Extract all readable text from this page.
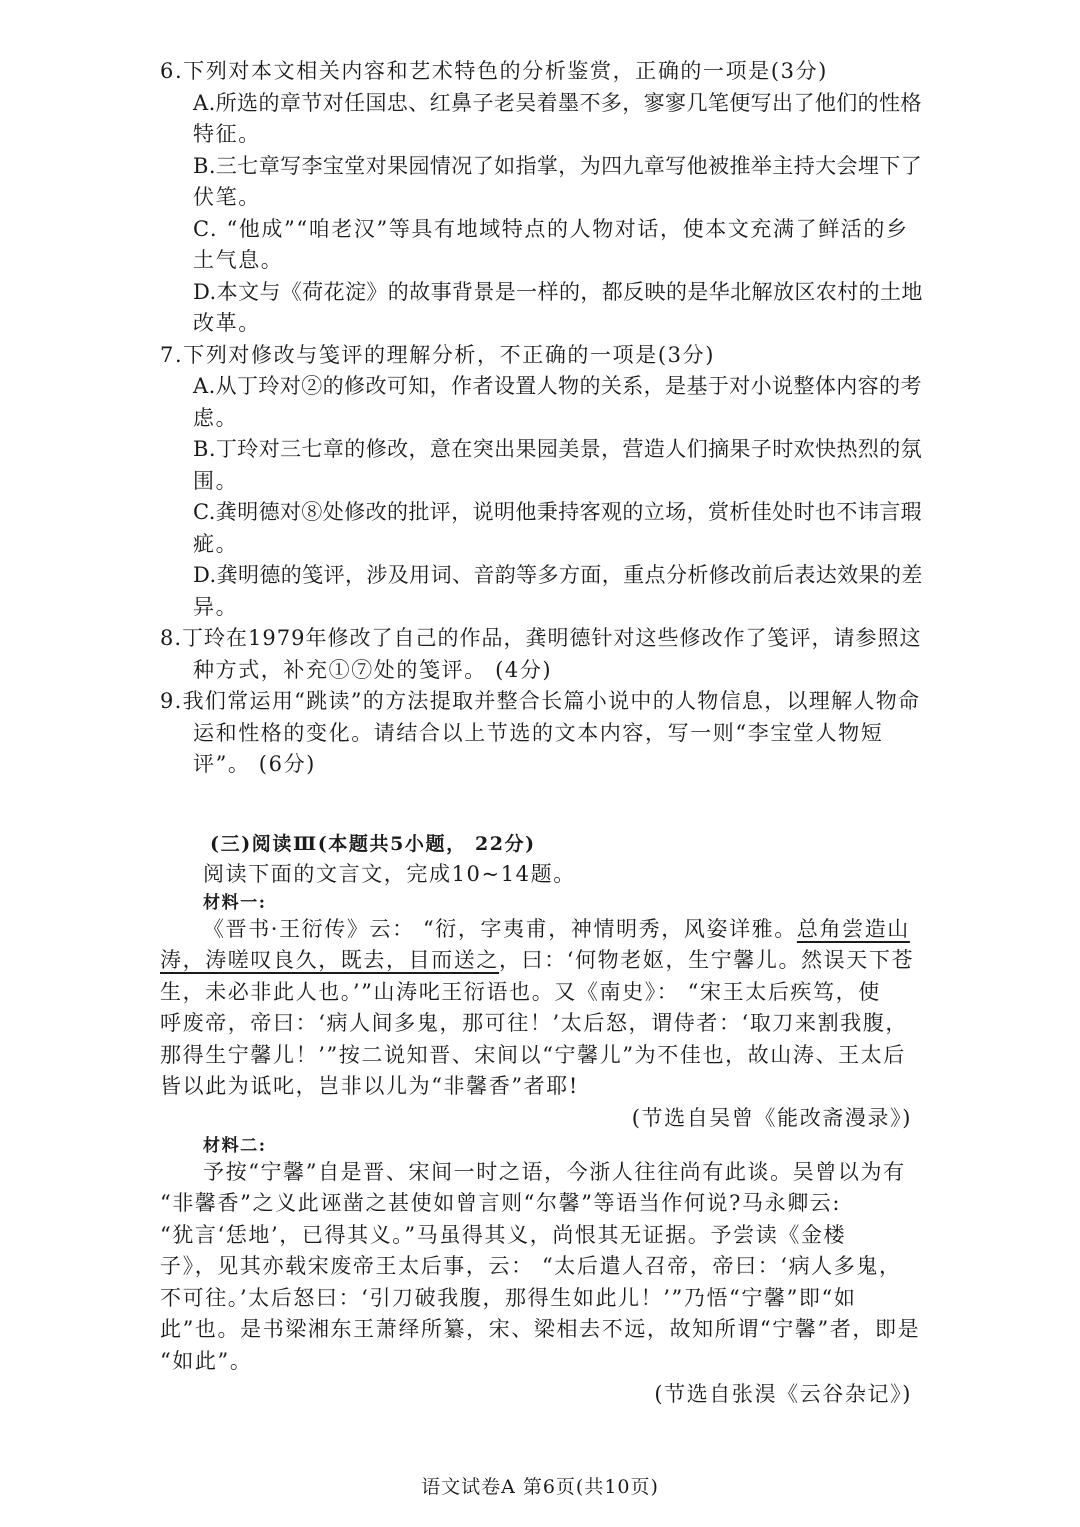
6.下列对本文相关内容和艺术特色的分析鉴赏，正确的一项是(3分)
A.所选的章节对任国忠、红鼻子老吴着墨不多，寥寥几笔便写出了他们的性格
特征。
B.三七章写李宝堂对果园情况了如指掌，为四九章写他被推举主持大会埋下了
伏笔。
C. “他成”“咱老汉”等具有地域特点的人物对话，使本文充满了鲜活的乡
土气息。
D.本文与《荷花淀》的故事背景是一样的，都反映的是华北解放区农村的土地
改革。
7.下列对修改与笺评的理解分析，不正确的一项是(3分)
A.从丁玲对②的修改可知，作者设置人物的关系，是基于对小说整体内容的考
虑。
B.丁玲对三七章的修改，意在突出果园美景，营造人们摘果子时欢快热烈的氛
围。
C.龚明德对⑧处修改的批评，说明他秉持客观的立场，赏析佳处时也不讳言瑕
疵。
D.龚明德的笺评，涉及用词、音韵等多方面，重点分析修改前后表达效果的差
异。
8.丁玲在1979年修改了自己的作品，龚明德针对这些修改作了笺评，请参照这
种方式，补充①⑦处的笺评。 (4分)
9.我们常运用“跳读”的方法提取并整合长篇小说中的人物信息，以理解人物命
运和性格的变化。请结合以上节选的文本内容，写一则“李宝堂人物短
评”。 (6分)
(三)阅读Ⅲ(本题共5小题， 22分)
阅读下面的文言文，完成10~14题。
材料一:
《晋书·王衍传》云： “衍，字夷甫，神情明秀，风姿详雅。总角尝造山
涛，涛嗟叹良久，既去，目而送之，曰：‘何物老妪，生宁馨儿。然误天下苍
生，未必非此人也。’”山涛叱王衍语也。又《南史》： “宋王太后疾笃，使
呼废帝，帝曰：‘病人间多鬼，那可往！’太后怒，谓侍者：‘取刀来割我腹，
那得生宁馨儿！’”按二说知晋、宋间以“宁馨儿”为不佳也，故山涛、王太后
皆以此为诋叱，岂非以儿为“非馨香”者耶!
(节选自吴曾《能改斋漫录》)
材料二:
予按“宁馨”自是晋、宋间一时之语，今浙人往往尚有此谈。吴曾以为有
“非馨香”之义此诬凿之甚使如曾言则“尔馨”等语当作何说?马永卿云:
“犹言‘恁地’，已得其义。”马虽得其义，尚恨其无证据。予尝读《金楼
子》，见其亦载宋废帝王太后事，云： “太后遣人召帝，帝曰：‘病人多鬼，
不可往。’太后怒曰：‘引刀破我腹，那得生如此儿！’”乃悟“宁馨”即“如
此”也。是书梁湘东王萧绎所纂，宋、梁相去不远，故知所谓“宁馨”者，即是
“如此”。
(节选自张淏《云谷杂记》)
语文试卷A 第6页(共10页)
